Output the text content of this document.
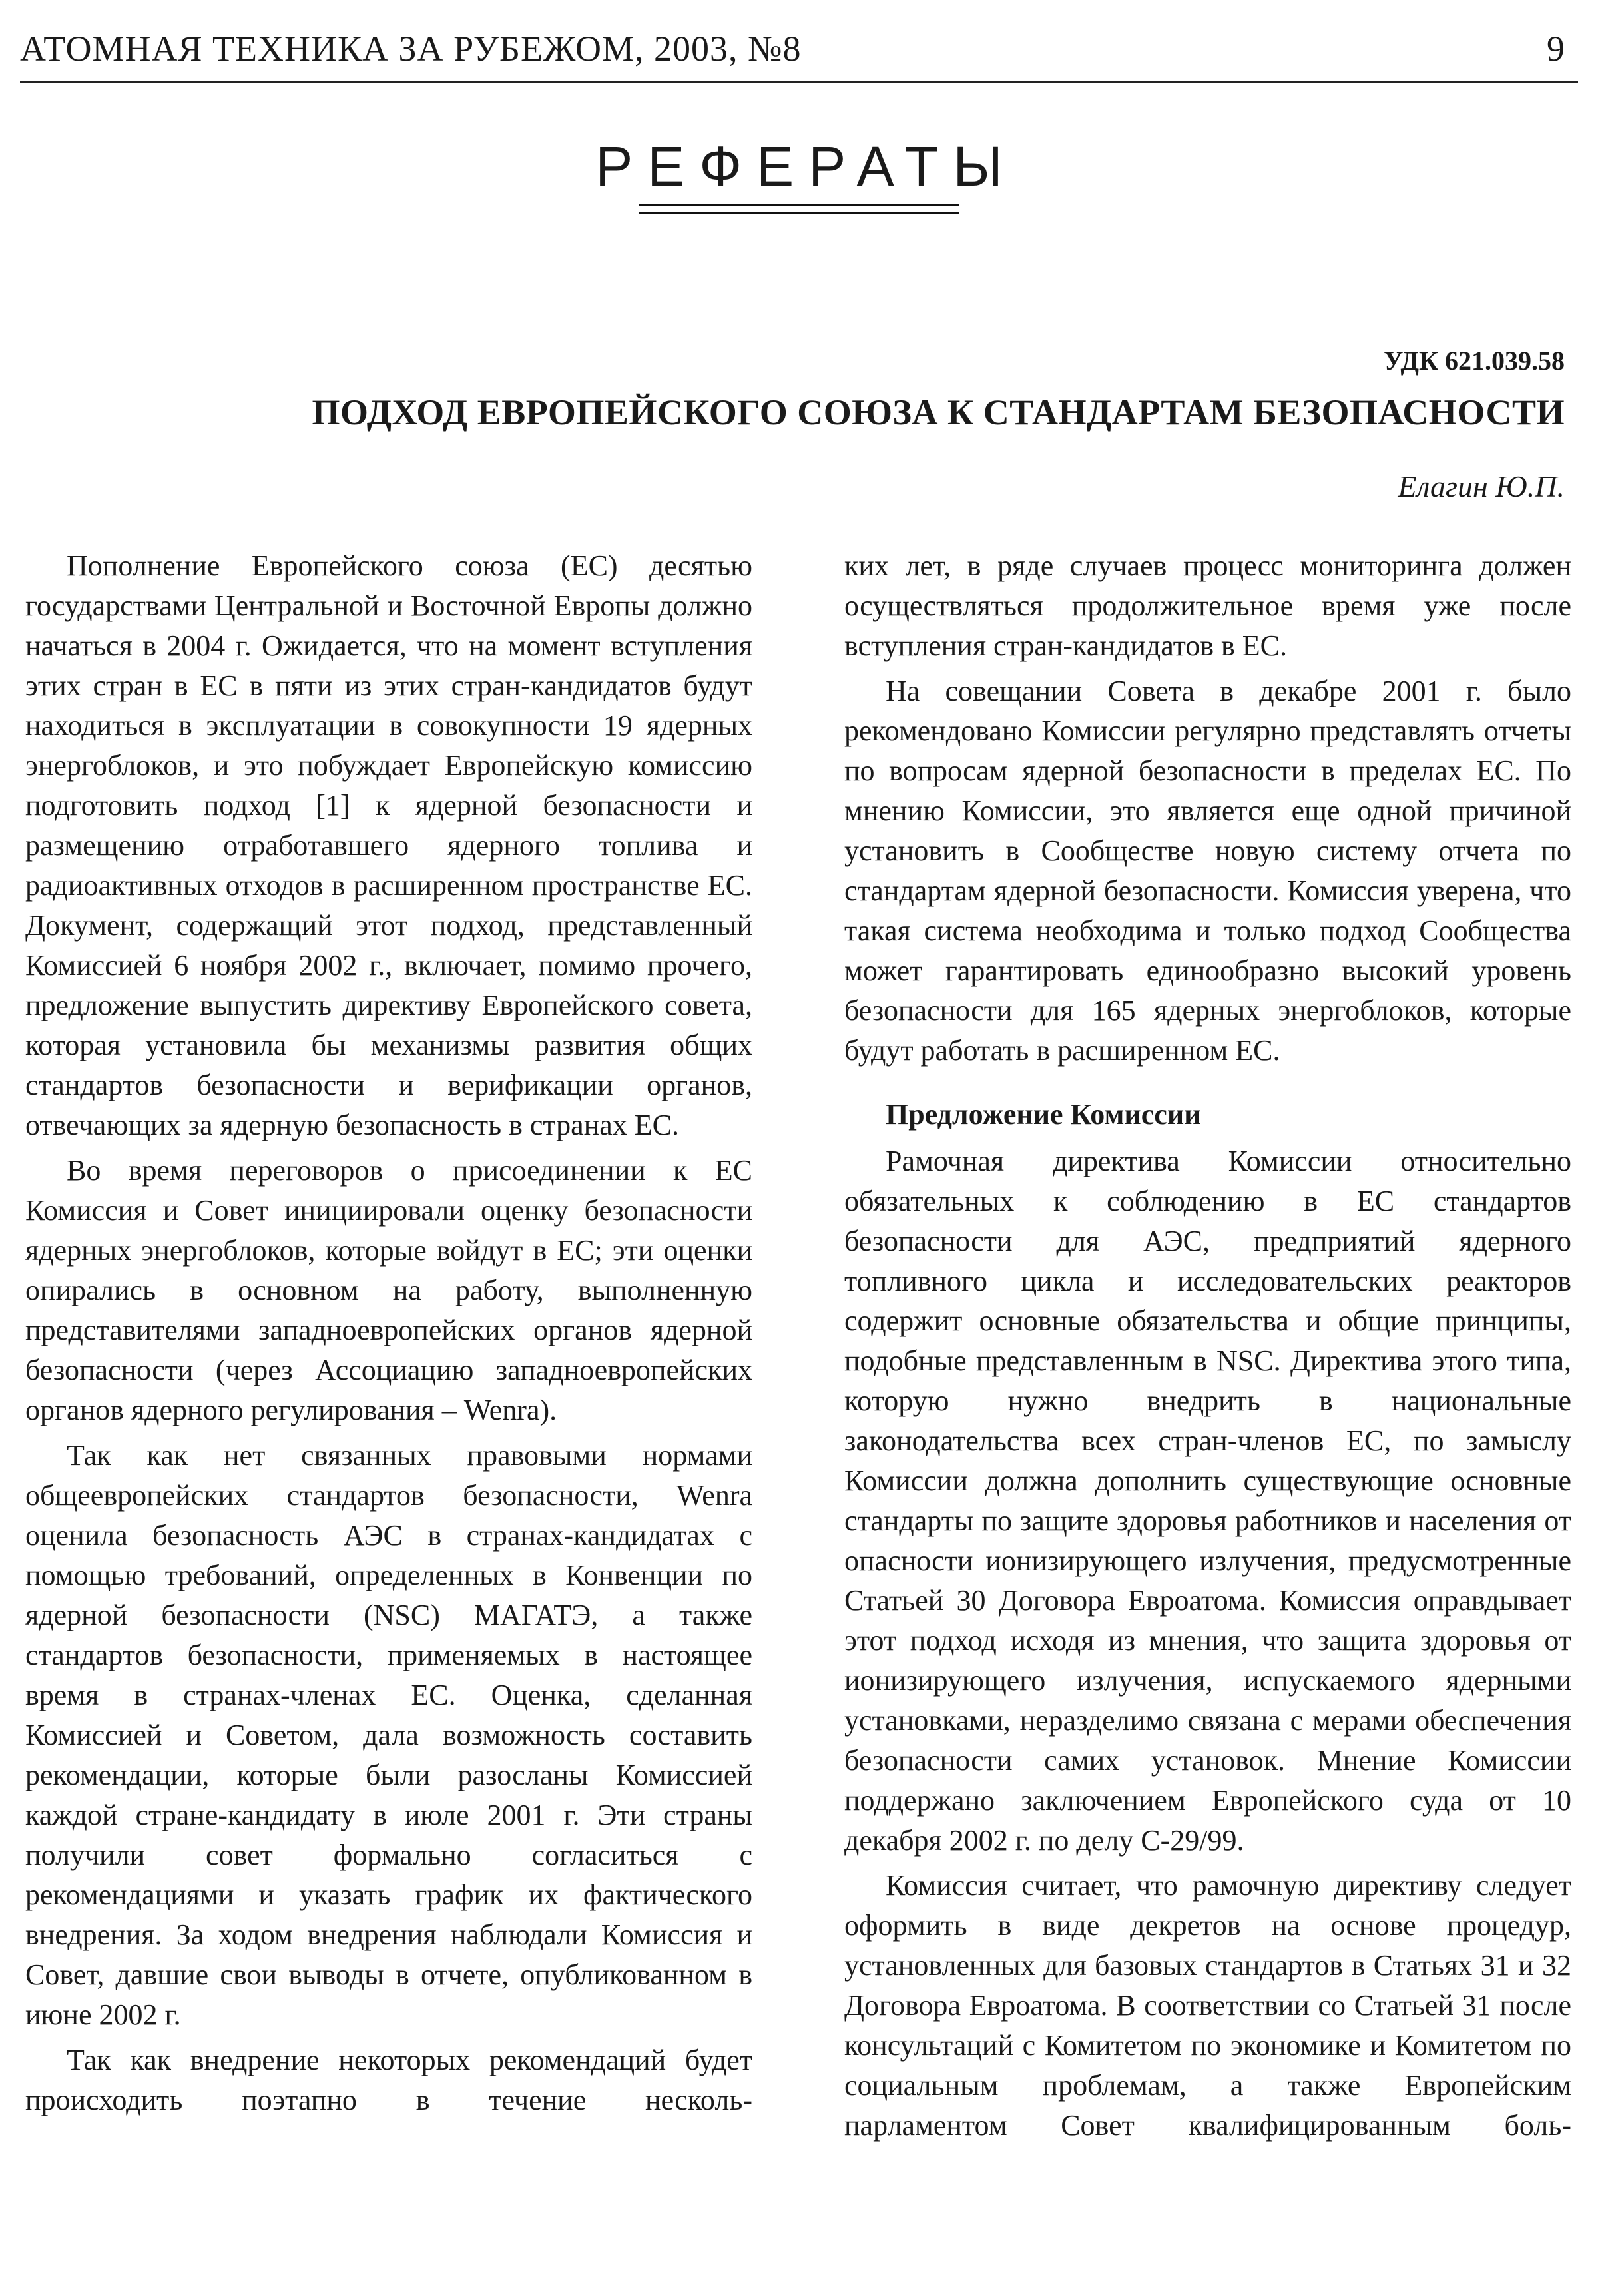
АТОМНАЯ ТЕХНИКА ЗА РУБЕЖОМ, 2003, №8	9
РЕФЕРАТЫ
УДК 621.039.58
ПОДХОД ЕВРОПЕЙСКОГО СОЮЗА К СТАНДАРТАМ БЕЗОПАСНОСТИ
Елагин Ю.П.

Пополнение Европейского союза (ЕС) десятью государствами Центральной и Восточной Европы должно начаться в 2004 г. Ожидается, что на момент вступления этих стран в ЕС в пяти из этих стран-кандидатов будут находиться в эксплуатации в совокупности 19 ядерных энергоблоков, и это побуждает Европейскую комиссию подготовить подход [1] к ядерной безопасности и размещению отработавшего ядерного топлива и радиоактивных отходов в расширенном пространстве ЕС. Документ, содержащий этот подход, представленный Комиссией 6 ноября 2002 г., включает, помимо прочего, предложение выпустить директиву Европейского совета, которая установила бы механизмы развития общих стандартов безопасности и верификации органов, отвечающих за ядерную безопасность в странах ЕС.

Во время переговоров о присоединении к ЕС Комиссия и Совет инициировали оценку безопасности ядерных энергоблоков, которые войдут в ЕС; эти оценки опирались в основном на работу, выполненную представителями западноевропейских органов ядерной безопасности (через Ассоциацию западноевропейских органов ядерного регулирования – Wenra).

Так как нет связанных правовыми нормами общеевропейских стандартов безопасности, Wenra оценила безопасность АЭС в странах-кандидатах с помощью требований, определенных в Конвенции по ядерной безопасности (NSC) МАГАТЭ, а также стандартов безопасности, применяемых в настоящее время в странах-членах ЕС. Оценка, сделанная Комиссией и Советом, дала возможность составить рекомендации, которые были разосланы Комиссией каждой стране-кандидату в июле 2001 г. Эти страны получили совет формально согласиться с рекомендациями и указать график их фактического внедрения. За ходом внедрения наблюдали Комиссия и Совет, давшие свои выводы в отчете, опубликованном в июне 2002 г.

Так как внедрение некоторых рекомендаций будет происходить поэтапно в течение несколь-

ких лет, в ряде случаев процесс мониторинга должен осуществляться продолжительное время уже после вступления стран-кандидатов в ЕС.

На совещании Совета в декабре 2001 г. было рекомендовано Комиссии регулярно представлять отчеты по вопросам ядерной безопасности в пределах ЕС. По мнению Комиссии, это является еще одной причиной установить в Сообществе новую систему отчета по стандартам ядерной безопасности. Комиссия уверена, что такая система необходима и только подход Сообщества может гарантировать единообразно высокий уровень безопасности для 165 ядерных энергоблоков, которые будут работать в расширенном ЕС.

Предложение Комиссии

Рамочная директива Комиссии относительно обязательных к соблюдению в ЕС стандартов безопасности для АЭС, предприятий ядерного топливного цикла и исследовательских реакторов содержит основные обязательства и общие принципы, подобные представленным в NSC. Директива этого типа, которую нужно внедрить в национальные законодательства всех стран-членов ЕС, по замыслу Комиссии должна дополнить существующие основные стандарты по защите здоровья работников и населения от опасности ионизирующего излучения, предусмотренные Статьей 30 Договора Евроатома. Комиссия оправдывает этот подход исходя из мнения, что защита здоровья от ионизирующего излучения, испускаемого ядерными установками, неразделимо связана с мерами обеспечения безопасности самих установок. Мнение Комиссии поддержано заключением Европейского суда от 10 декабря 2002 г. по делу C-29/99.

Комиссия считает, что рамочную директиву следует оформить в виде декретов на основе процедур, установленных для базовых стандартов в Статьях 31 и 32 Договора Евроатома. В соответствии со Статьей 31 после консультаций с Комитетом по экономике и Комитетом по социальным проблемам, а также Европейским парламентом Совет квалифицированным боль-
